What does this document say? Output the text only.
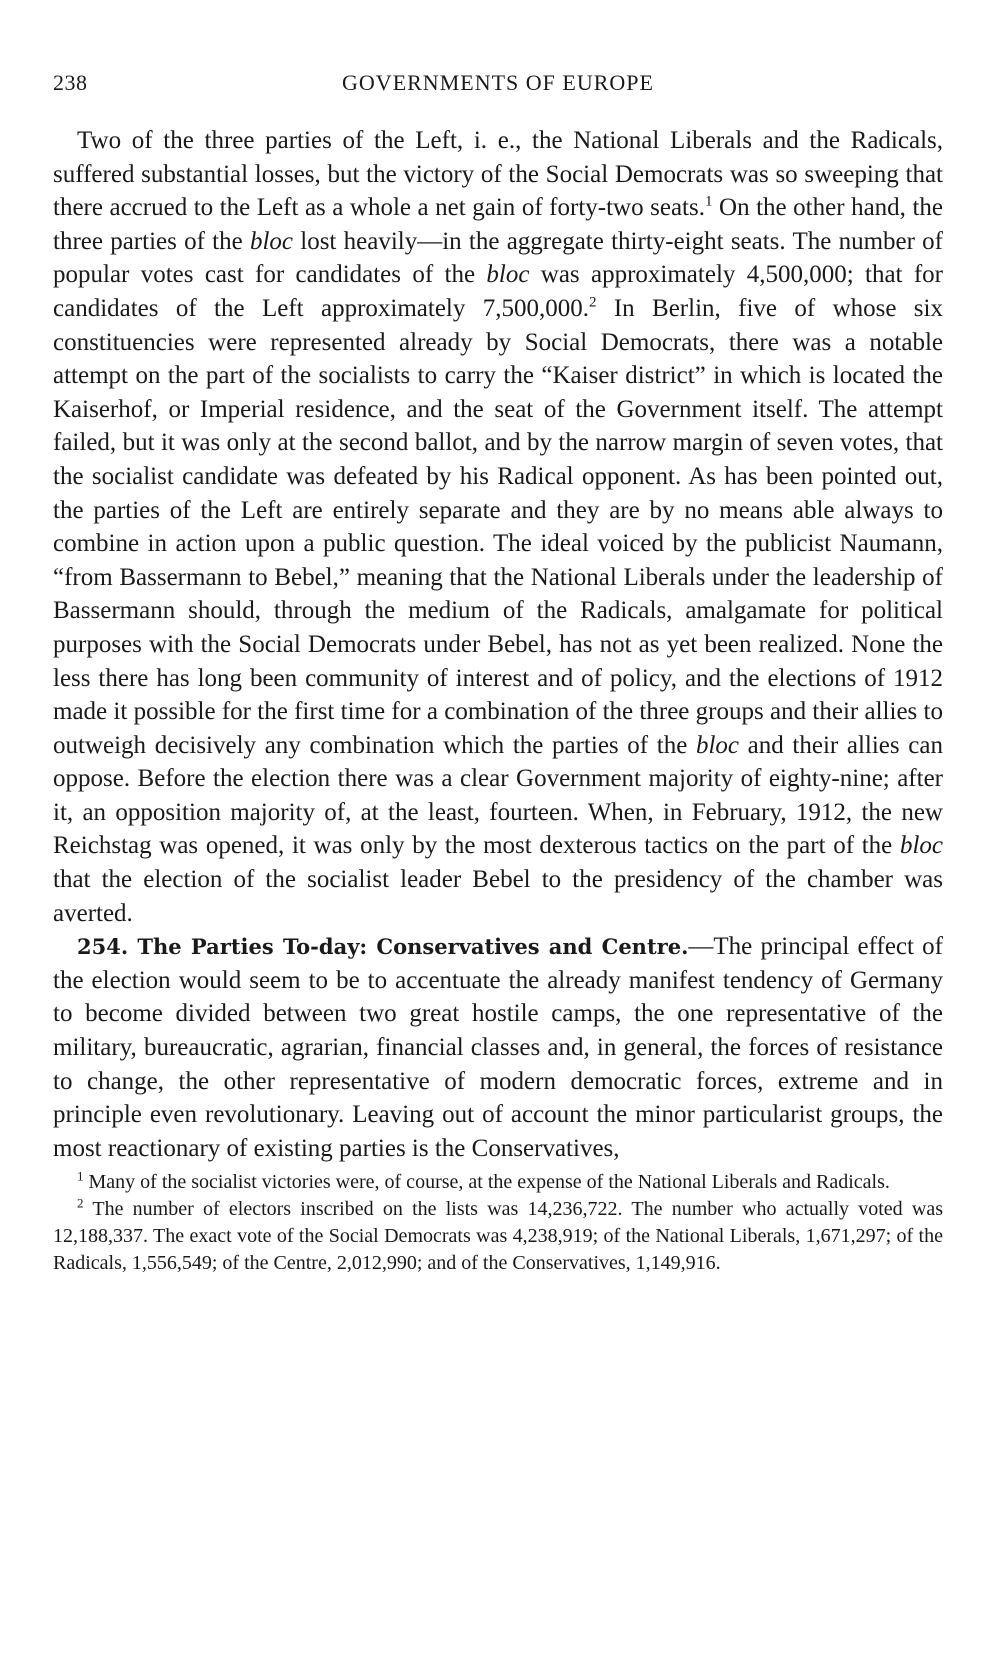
238	GOVERNMENTS OF EUROPE

Two of the three parties of the Left, i. e., the National Liberals and the Radicals, suffered substantial losses, but the victory of the Social Democrats was so sweeping that there accrued to the Left as a whole a net gain of forty-two seats.$^1$ On the other hand, the three parties of the bloc lost heavily—in the aggregate thirty-eight seats. The number of popular votes cast for candidates of the bloc was approximately 4,500,000; that for candidates of the Left approximately 7,500,000.$^2$ In Berlin, five of whose six constituencies were represented already by Social Democrats, there was a notable attempt on the part of the socialists to carry the “Kaiser district” in which is located the Kaiserhof, or Imperial residence, and the seat of the Government itself. The attempt failed, but it was only at the second ballot, and by the narrow margin of seven votes, that the socialist candidate was defeated by his Radical opponent. As has been pointed out, the parties of the Left are entirely separate and they are by no means able always to combine in action upon a public question. The ideal voiced by the publicist Naumann, “from Bassermann to Bebel,” meaning that the National Liberals under the leadership of Bassermann should, through the medium of the Radicals, amalgamate for political purposes with the Social Democrats under Bebel, has not as yet been realized. None the less there has long been community of interest and of policy, and the elections of 1912 made it possible for the first time for a combination of the three groups and their allies to outweigh decisively any combination which the parties of the bloc and their allies can oppose. Before the election there was a clear Government majority of eighty-nine; after it, an opposition majority of, at the least, fourteen. When, in February, 1912, the new Reichstag was opened, it was only by the most dexterous tactics on the part of the bloc that the election of the socialist leader Bebel to the presidency of the chamber was averted.

254. The Parties To-day: Conservatives and Centre.—The principal effect of the election would seem to be to accentuate the already manifest tendency of Germany to become divided between two great hostile camps, the one representative of the military, bureaucratic, agrarian, financial classes and, in general, the forces of resistance to change, the other representative of modern democratic forces, extreme and in principle even revolutionary. Leaving out of account the minor particularist groups, the most reactionary of existing parties is the Conservatives,

$^1$ Many of the socialist victories were, of course, at the expense of the National Liberals and Radicals.

$^2$ The number of electors inscribed on the lists was 14,236,722. The number who actually voted was 12,188,337. The exact vote of the Social Democrats was 4,238,919; of the National Liberals, 1,671,297; of the Radicals, 1,556,549; of the Centre, 2,012,990; and of the Conservatives, 1,149,916.
